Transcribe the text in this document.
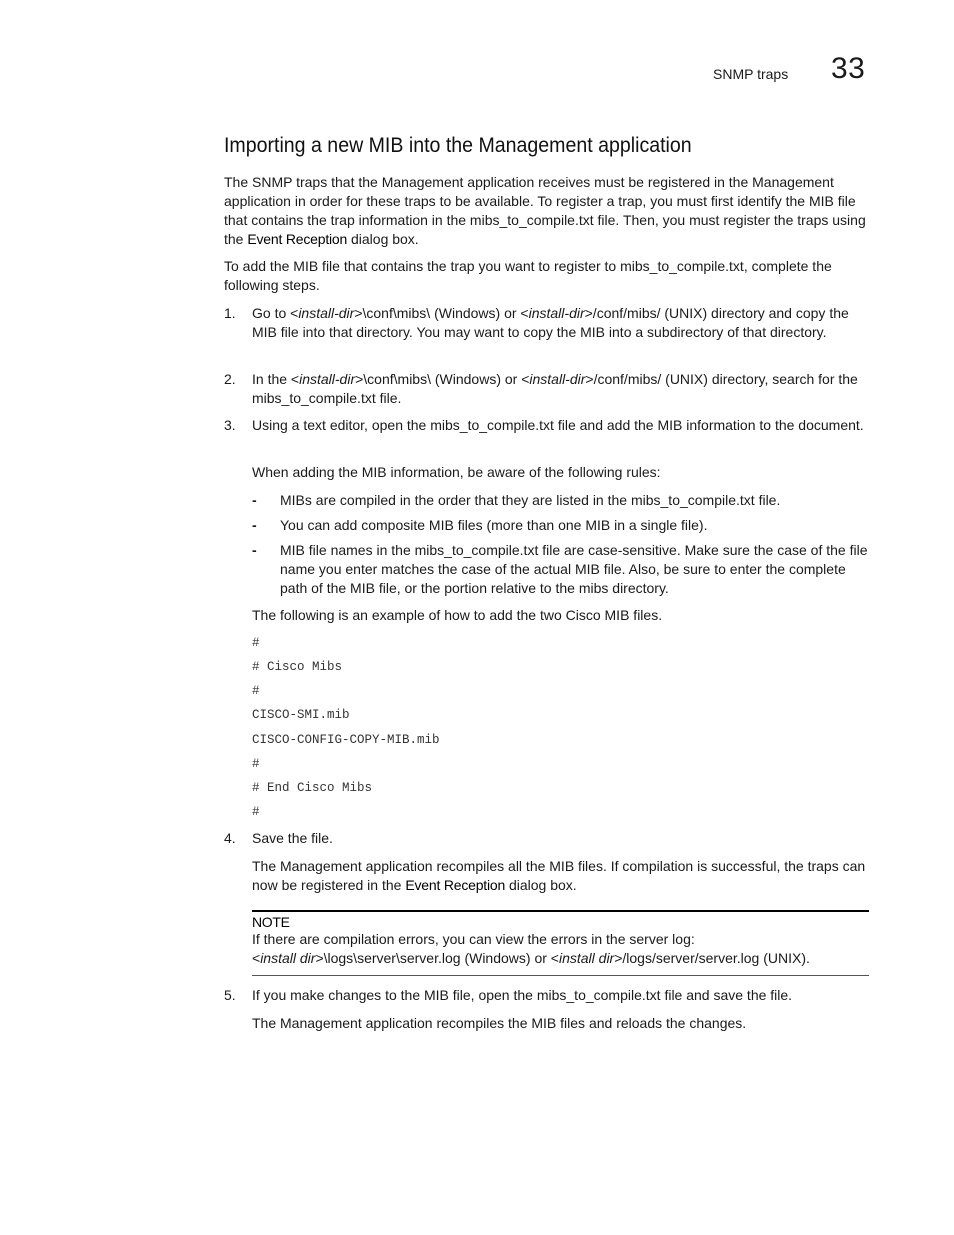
SNMP traps 33
Importing a new MIB into the Management application

The SNMP traps that the Management application receives must be registered in the Management application in order for these traps to be available. To register a trap, you must first identify the MIB file that contains the trap information in the mibs_to_compile.txt file. Then, you must register the traps using the Event Reception dialog box.

To add the MIB file that contains the trap you want to register to mibs_to_compile.txt, complete the following steps.

1. Go to <install-dir>\conf\mibs\ (Windows) or <install-dir>/conf/mibs/ (UNIX) directory and copy the MIB file into that directory. You may want to copy the MIB into a subdirectory of that directory.

2. In the <install-dir>\conf\mibs\ (Windows) or <install-dir>/conf/mibs/ (UNIX) directory, search for the mibs_to_compile.txt file.

3. Using a text editor, open the mibs_to_compile.txt file and add the MIB information to the document.

When adding the MIB information, be aware of the following rules:

- MIBs are compiled in the order that they are listed in the mibs_to_compile.txt file.

- You can add composite MIB files (more than one MIB in a single file).

- MIB file names in the mibs_to_compile.txt file are case-sensitive. Make sure the case of the file name you enter matches the case of the actual MIB file. Also, be sure to enter the complete path of the MIB file, or the portion relative to the mibs directory.

The following is an example of how to add the two Cisco MIB files.

#
# Cisco Mibs
#
CISCO-SMI.mib
CISCO-CONFIG-COPY-MIB.mib
#
# End Cisco Mibs
#
4. Save the file.

The Management application recompiles all the MIB files. If compilation is successful, the traps can now be registered in the Event Reception dialog box.

NOTE

If there are compilation errors, you can view the errors in the server log:

<install dir>\logs\server\server.log (Windows) or <install dir>/logs/server/server.log (UNIX).

5. If you make changes to the MIB file, open the mibs_to_compile.txt file and save the file.

The Management application recompiles the MIB files and reloads the changes.
